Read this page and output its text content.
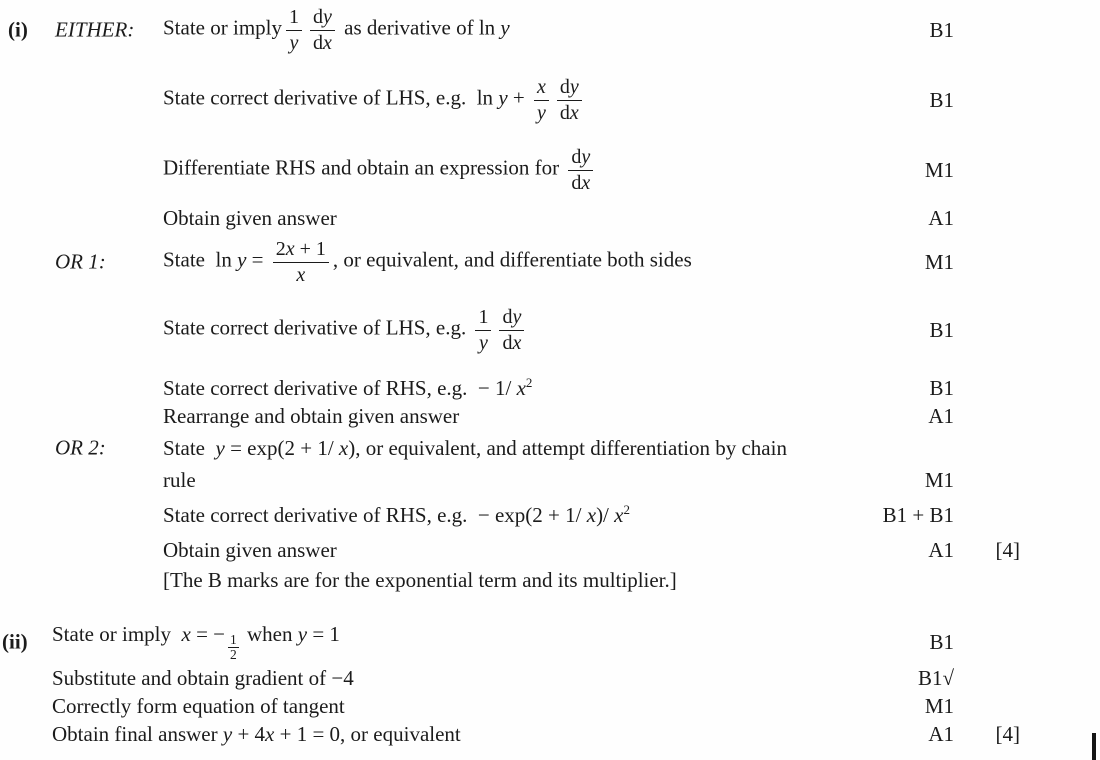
(i) EITHER: State or imply $\frac{1}{y} \frac{dy}{dx}$ as derivative of ln y	B1
State correct derivative of LHS, e.g.  $\ln y + \frac{x}{y} \frac{dy}{dx}$	B1
Differentiate RHS and obtain an expression for $\frac{dy}{dx}$	M1
Obtain given answer	A1
OR 1:	State  $\ln y = \frac{2x + 1}{x}$ , or equivalent, and differentiate both sides	M1
State correct derivative of LHS, e.g. $\frac{1}{y} \frac{dy}{dx}$	B1
State correct derivative of RHS, e.g.  − 1/ $x^2$	B1
Rearrange and obtain given answer	A1
OR 2:	State  y = exp(2 + 1/ x), or equivalent, and attempt differentiation by chain
rule	M1
State correct derivative of RHS, e.g.  − exp(2 + 1/ x)/ $x^2$	B1 + B1
Obtain given answer	A1	[4]
[The B marks are for the exponential term and its multiplier.]
(ii) State or imply  x = − $\frac{1}{2}$ when y = 1	B1
Substitute and obtain gradient of −4	B1√
Correctly form equation of tangent	M1
Obtain final answer y + 4x + 1 = 0, or equivalent	A1	[4]
